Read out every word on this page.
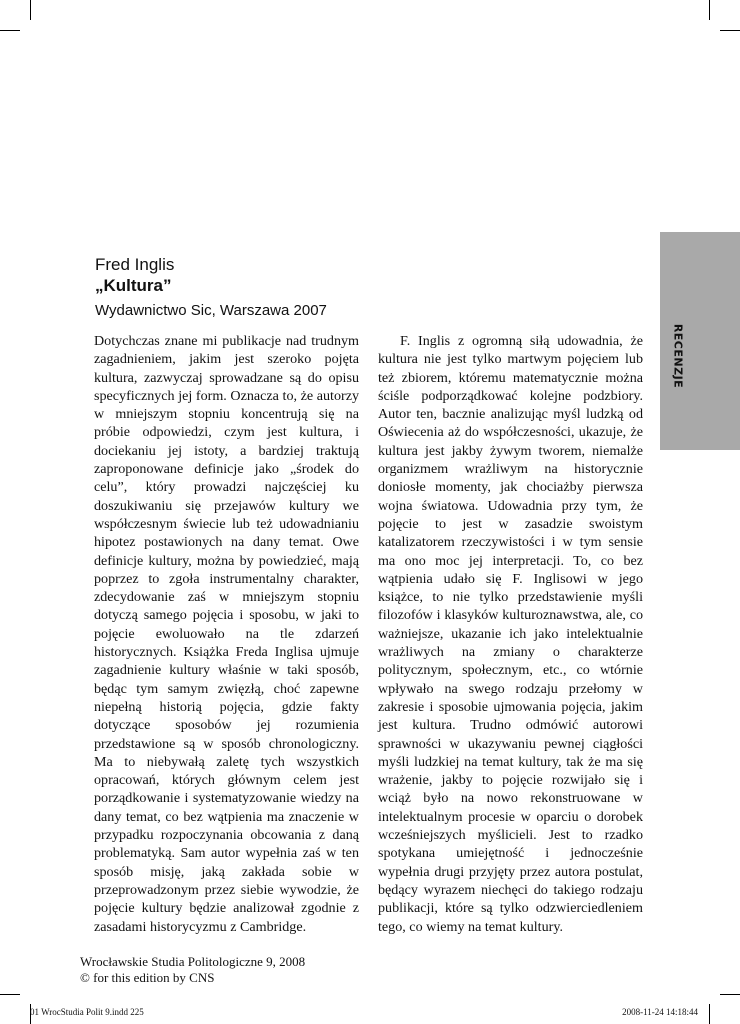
RECENZJE
Fred Inglis
„Kultura”
Wydawnictwo Sic, Warszawa 2007
Dotychczas znane mi publikacje nad trudnym zagadnieniem, jakim jest szeroko pojęta kultura, zazwyczaj sprowadzane są do opisu specyficznych jej form. Oznacza to, że autorzy w mniejszym stopniu koncentrują się na próbie odpowiedzi, czym jest kultura, i dociekaniu jej istoty, a bardziej traktują zaproponowane definicje jako „środek do celu”, który prowadzi najczęściej ku doszukiwaniu się przejawów kultury we współczesnym świecie lub też udowadnianiu hipotez postawionych na dany temat. Owe definicje kultury, można by powiedzieć, mają poprzez to zgoła instrumentalny charakter, zdecydowanie zaś w mniejszym stopniu dotyczą samego pojęcia i sposobu, w jaki to pojęcie ewoluowało na tle zdarzeń historycznych. Książka Freda Inglisa ujmuje zagadnienie kultury właśnie w taki sposób, będąc tym samym zwięzłą, choć zapewne niepełną historią pojęcia, gdzie fakty dotyczące sposobów jej rozumienia przedstawione są w sposób chronologiczny. Ma to niebywałą zaletę tych wszystkich opracowań, których głównym celem jest porządkowanie i systematyzowanie wiedzy na dany temat, co bez wątpienia ma znaczenie w przypadku rozpoczynania obcowania z daną problematyką. Sam autor wypełnia zaś w ten sposób misję, jaką zakłada sobie w przeprowadzonym przez siebie wywodzie, że pojęcie kultury będzie analizował zgodnie z zasadami historycyzmu z Cambridge.
F. Inglis z ogromną siłą udowadnia, że kultura nie jest tylko martwym pojęciem lub też zbiorem, któremu matematycznie można ściśle podporządkować kolejne podzbiory. Autor ten, bacznie analizując myśl ludzką od Oświecenia aż do współczesności, ukazuje, że kultura jest jakby żywym tworem, niemalże organizmem wrażliwym na historycznie doniosłe momenty, jak chociażby pierwsza wojna światowa. Udowadnia przy tym, że pojęcie to jest w zasadzie swoistym katalizatorem rzeczywistości i w tym sensie ma ono moc jej interpretacji. To, co bez wątpienia udało się F. Inglisowi w jego książce, to nie tylko przedstawienie myśli filozofów i klasyków kulturoznawstwa, ale, co ważniejsze, ukazanie ich jako intelektualnie wrażliwych na zmiany o charakterze politycznym, społecznym, etc., co wtórnie wpływało na swego rodzaju przełomy w zakresie i sposobie ujmowania pojęcia, jakim jest kultura. Trudno odmówić autorowi sprawności w ukazywaniu pewnej ciągłości myśli ludzkiej na temat kultury, tak że ma się wrażenie, jakby to pojęcie rozwijało się i wciąż było na nowo rekonstruowane w intelektualnym procesie w oparciu o dorobek wcześniejszych myślicieli. Jest to rzadko spotykana umiejętność i jednocześnie wypełnia drugi przyjęty przez autora postulat, będący wyrazem niechęci do takiego rodzaju publikacji, które są tylko odzwierciedleniem tego, co wiemy na temat kultury.
Wrocławskie Studia Politologiczne 9, 2008
© for this edition by CNS
01 WrocStudia Polit 9.indd 225	2008-11-24 14:18:44
